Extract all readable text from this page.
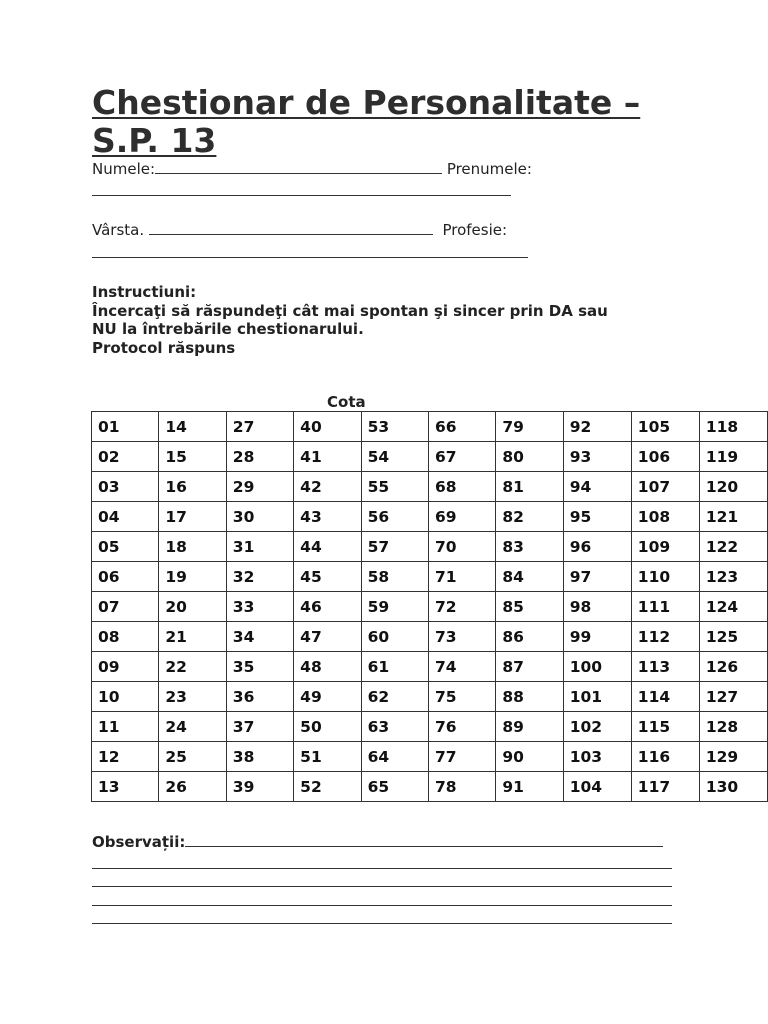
Chestionar de Personalitate – S.P. 13
Numele:	Prenumele:
Vârsta.	Profesie:
Instructiuni:
Încercaţi să răspundeţi cât mai spontan şi sincer prin DA sau
NU la întrebările chestionarului.
Protocol răspuns
Cota
01	14	27	40	53	66	79	92	105	118
02	15	28	41	54	67	80	93	106	119
03	16	29	42	55	68	81	94	107	120
04	17	30	43	56	69	82	95	108	121
05	18	31	44	57	70	83	96	109	122
06	19	32	45	58	71	84	97	110	123
07	20	33	46	59	72	85	98	111	124
08	21	34	47	60	73	86	99	112	125
09	22	35	48	61	74	87	100	113	126
10	23	36	49	62	75	88	101	114	127
11	24	37	50	63	76	89	102	115	128
12	25	38	51	64	77	90	103	116	129
13	26	39	52	65	78	91	104	117	130
Observații:
